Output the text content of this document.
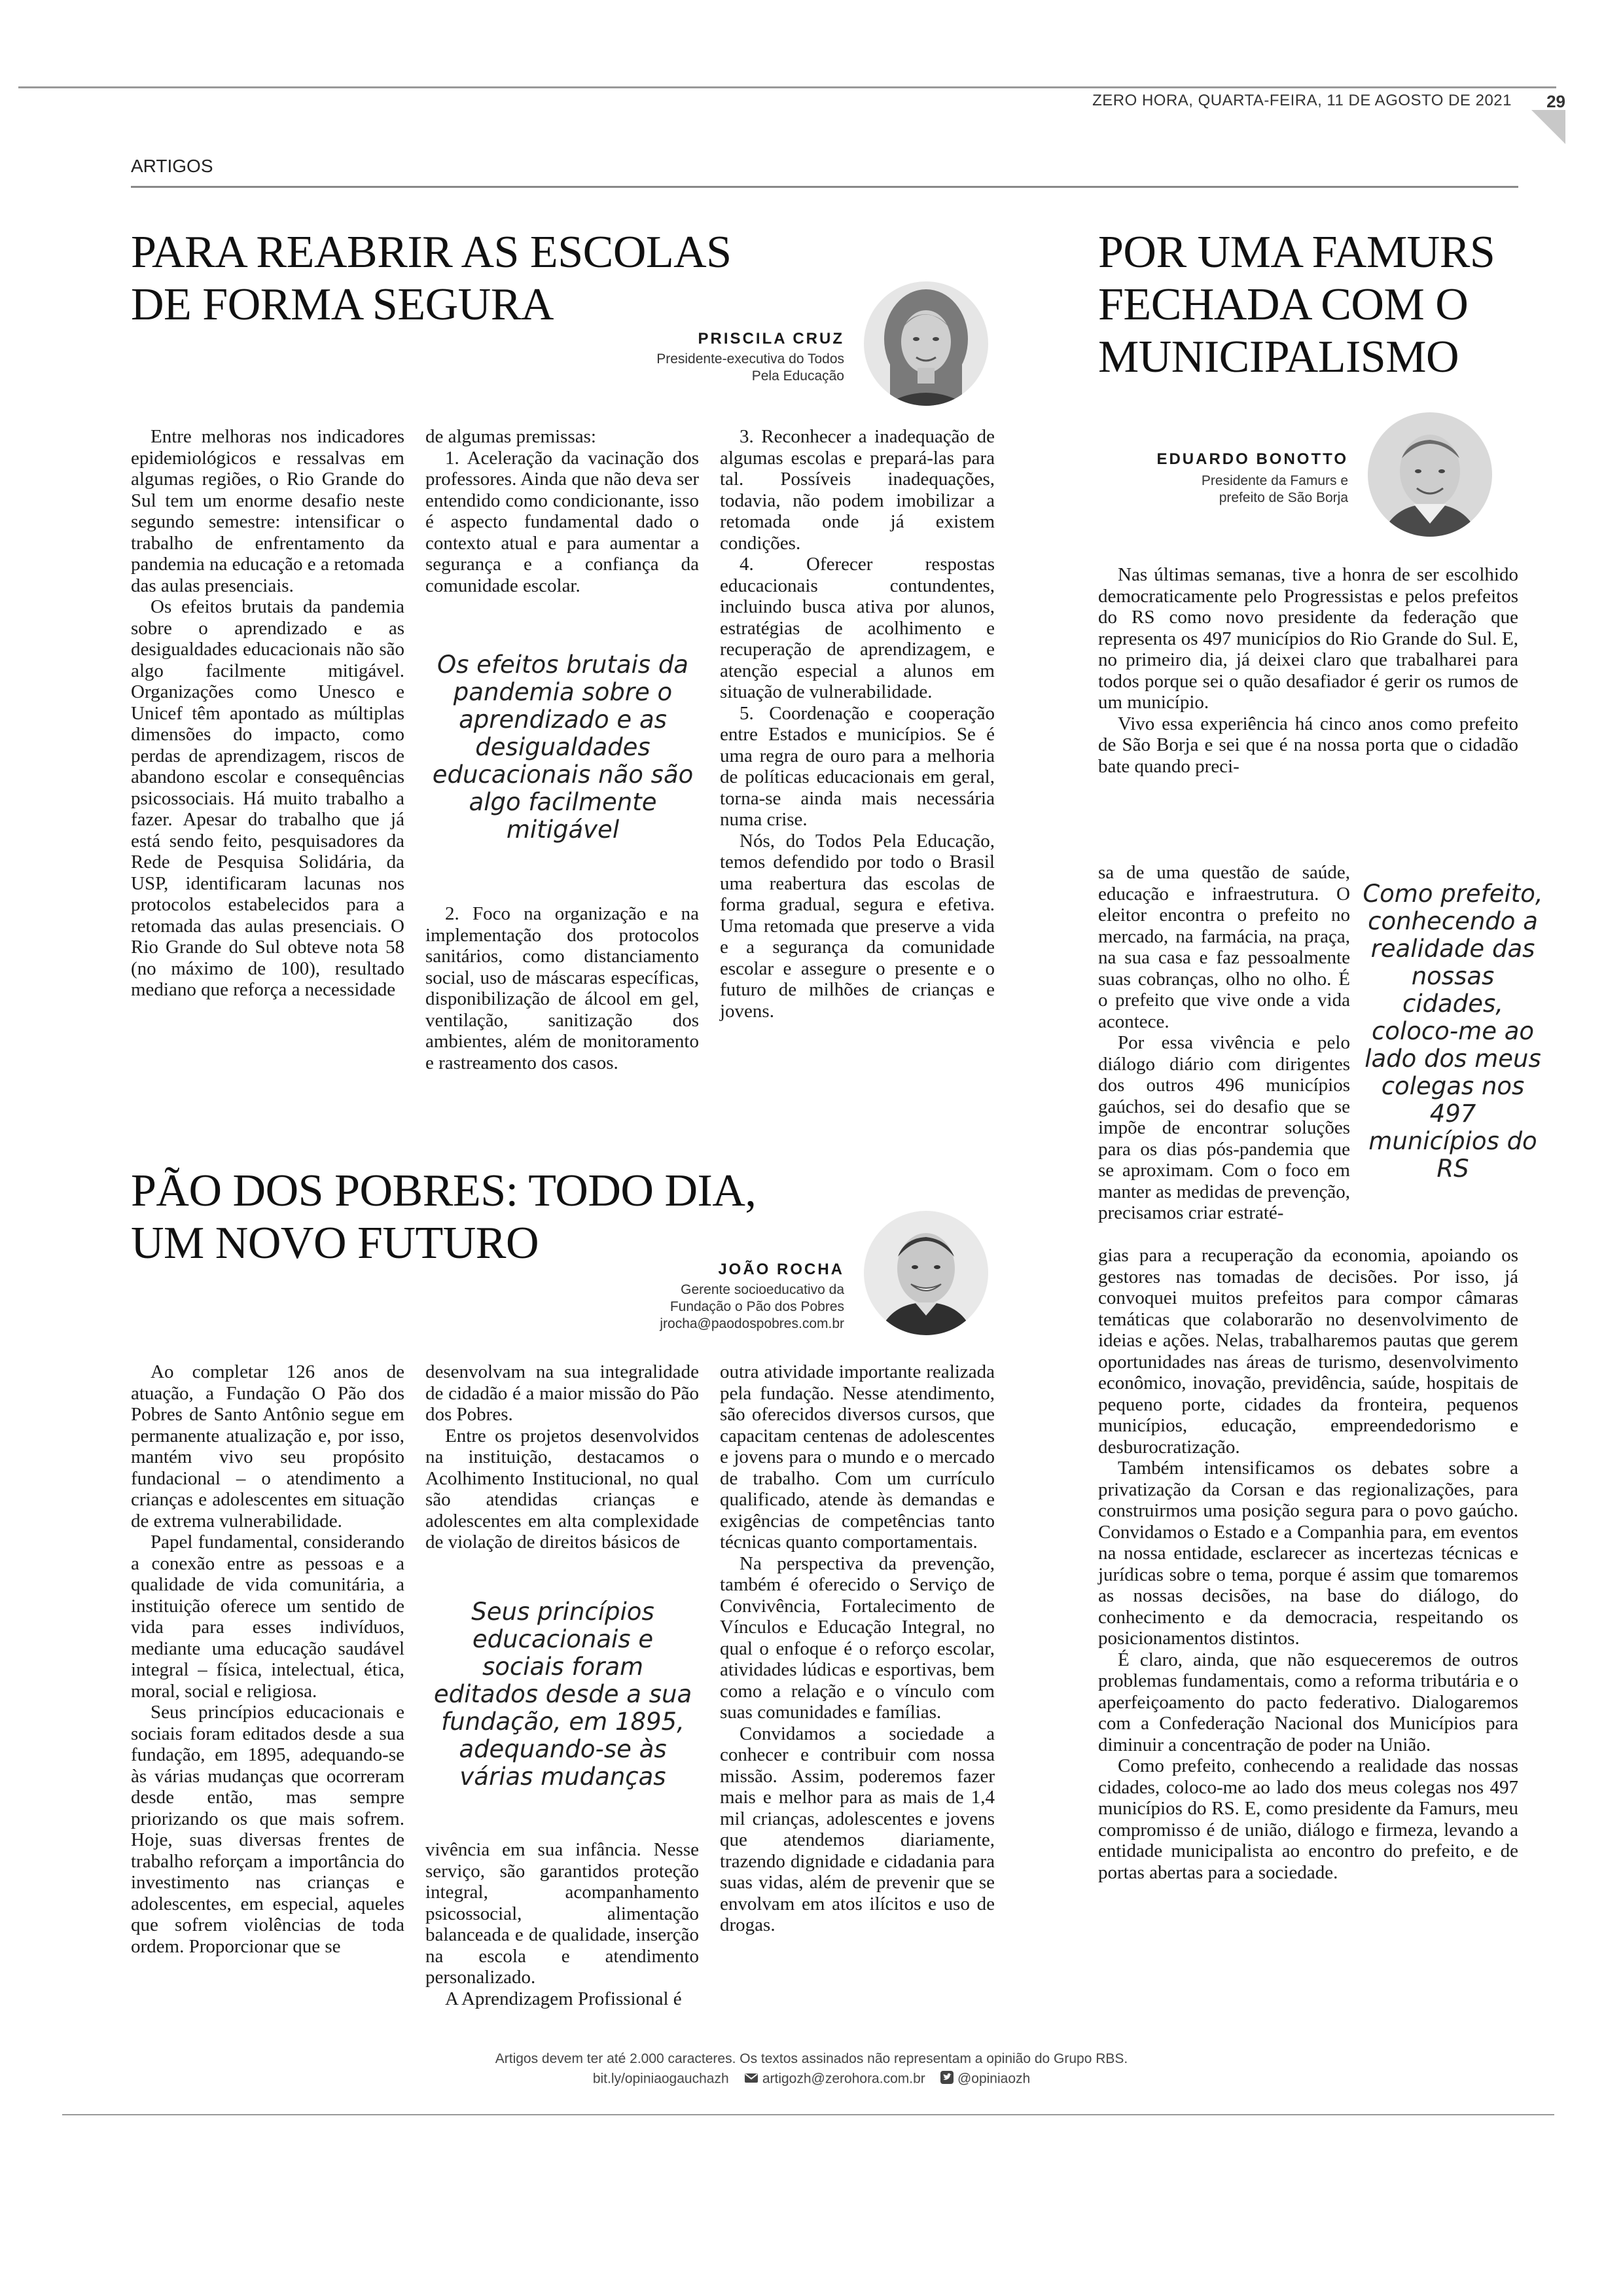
ZERO HORA, QUARTA-FEIRA, 11 DE AGOSTO DE 2021 29
ARTIGOS
PARA REABRIR AS ESCOLAS
DE FORMA SEGURA
PRISCILA CRUZ
Presidente-executiva do Todos
Pela Educação

Entre melhoras nos indicadores epidemiológicos e ressalvas em algumas regiões, o Rio Grande do Sul tem um enorme desafio neste segundo semestre: intensificar o trabalho de enfrentamento da pandemia na educação e a retomada das aulas presenciais.

Os efeitos brutais da pandemia sobre o aprendizado e as desigualdades educacionais não são algo facilmente mitigável. Organizações como Unesco e Unicef têm apontado as múltiplas dimensões do impacto, como perdas de aprendizagem, riscos de abandono escolar e consequências psicossociais. Há muito trabalho a fazer. Apesar do trabalho que já está sendo feito, pesquisadores da Rede de Pesquisa Solidária, da USP, identificaram lacunas nos protocolos estabelecidos para a retomada das aulas presenciais. O Rio Grande do Sul obteve nota 58 (no máximo de 100), resultado mediano que reforça a necessidade

de algumas premissas:

1. Aceleração da vacinação dos professores. Ainda que não deva ser entendido como condicionante, isso é aspecto fundamental dado o contexto atual e para aumentar a segurança e a confiança da comunidade escolar.

Os efeitos brutais da pandemia sobre o aprendizado e as desigualdades educacionais não são algo facilmente mitigável

2. Foco na organização e na implementação dos protocolos sanitários, como distanciamento social, uso de máscaras específicas, disponibilização de álcool em gel, ventilação, sanitização dos ambientes, além de monitoramento e rastreamento dos casos.

3. Reconhecer a inadequação de algumas escolas e prepará-las para tal. Possíveis inadequações, todavia, não podem imobilizar a retomada onde já existem condições.

4. Oferecer respostas educacionais contundentes, incluindo busca ativa por alunos, estratégias de acolhimento e recuperação de aprendizagem, e atenção especial a alunos em situação de vulnerabilidade.

5. Coordenação e cooperação entre Estados e municípios. Se é uma regra de ouro para a melhoria de políticas educacionais em geral, torna-se ainda mais necessária numa crise.

Nós, do Todos Pela Educação, temos defendido por todo o Brasil uma reabertura das escolas de forma gradual, segura e efetiva. Uma retomada que preserve a vida e a segurança da comunidade escolar e assegure o presente e o futuro de milhões de crianças e jovens.

POR UMA FAMURS
FECHADA COM O
MUNICIPALISMO
EDUARDO BONOTTO
Presidente da Famurs e
prefeito de São Borja

Nas últimas semanas, tive a honra de ser escolhido democraticamente pelo Progressistas e pelos prefeitos do RS como novo presidente da federação que representa os 497 municípios do Rio Grande do Sul. E, no primeiro dia, já deixei claro que trabalharei para todos porque sei o quão desafiador é gerir os rumos de um município.

Vivo essa experiência há cinco anos como prefeito de São Borja e sei que é na nossa porta que o cidadão bate quando preci-

sa de uma questão de saúde, educação e infraestrutura. O eleitor encontra o prefeito no mercado, na farmácia, na praça, na sua casa e faz pessoalmente suas cobranças, olho no olho. É o prefeito que vive onde a vida acontece.

Por essa vivência e pelo diálogo diário com dirigentes dos outros 496 municípios gaúchos, sei do desafio que se impõe de encontrar soluções para os dias pós-pandemia que se aproximam. Com o foco em manter as medidas de prevenção, precisamos criar estraté-

Como prefeito, conhecendo a realidade das nossas cidades, coloco-me ao lado dos meus colegas nos 497 municípios do RS

gias para a recuperação da economia, apoiando os gestores nas tomadas de decisões. Por isso, já convoquei muitos prefeitos para compor câmaras temáticas que colaborarão no desenvolvimento de ideias e ações. Nelas, trabalharemos pautas que gerem oportunidades nas áreas de turismo, desenvolvimento econômico, inovação, previdência, saúde, hospitais de pequeno porte, cidades da fronteira, pequenos municípios, educação, empreendedorismo e desburocratização.

Também intensificamos os debates sobre a privatização da Corsan e das regionalizações, para construirmos uma posição segura para o povo gaúcho. Convidamos o Estado e a Companhia para, em eventos na nossa entidade, esclarecer as incertezas técnicas e jurídicas sobre o tema, porque é assim que tomaremos as nossas decisões, na base do diálogo, do conhecimento e da democracia, respeitando os posicionamentos distintos.

É claro, ainda, que não esqueceremos de outros problemas fundamentais, como a reforma tributária e o aperfeiçoamento do pacto federativo. Dialogaremos com a Confederação Nacional dos Municípios para diminuir a concentração de poder na União.

Como prefeito, conhecendo a realidade das nossas cidades, coloco-me ao lado dos meus colegas nos 497 municípios do RS. E, como presidente da Famurs, meu compromisso é de união, diálogo e firmeza, levando a entidade municipalista ao encontro do prefeito, e de portas abertas para a sociedade.

PÃO DOS POBRES: TODO DIA,
UM NOVO FUTURO
JOÃO ROCHA
Gerente socioeducativo da
Fundação o Pão dos Pobres
jrocha@paodospobres.com.br

Ao completar 126 anos de atuação, a Fundação O Pão dos Pobres de Santo Antônio segue em permanente atualização e, por isso, mantém vivo seu propósito fundacional – o atendimento a crianças e adolescentes em situação de extrema vulnerabilidade.

Papel fundamental, considerando a conexão entre as pessoas e a qualidade de vida comunitária, a instituição oferece um sentido de vida para esses indivíduos, mediante uma educação saudável integral – física, intelectual, ética, moral, social e religiosa.

Seus princípios educacionais e sociais foram editados desde a sua fundação, em 1895, adequando-se às várias mudanças que ocorreram desde então, mas sempre priorizando os que mais sofrem. Hoje, suas diversas frentes de trabalho reforçam a importância do investimento nas crianças e adolescentes, em especial, aqueles que sofrem violências de toda ordem. Proporcionar que se

desenvolvam na sua integralidade de cidadão é a maior missão do Pão dos Pobres.

Entre os projetos desenvolvidos na instituição, destacamos o Acolhimento Institucional, no qual são atendidas crianças e adolescentes em alta complexidade de violação de direitos básicos de

Seus princípios educacionais e sociais foram editados desde a sua fundação, em 1895, adequando-se às várias mudanças

vivência em sua infância. Nesse serviço, são garantidos proteção integral, acompanhamento psicossocial, alimentação balanceada e de qualidade, inserção na escola e atendimento personalizado.

A Aprendizagem Profissional é

outra atividade importante realizada pela fundação. Nesse atendimento, são oferecidos diversos cursos, que capacitam centenas de adolescentes e jovens para o mundo e o mercado de trabalho. Com um currículo qualificado, atende às demandas e exigências de competências tanto técnicas quanto comportamentais.

Na perspectiva da prevenção, também é oferecido o Serviço de Convivência, Fortalecimento de Vínculos e Educação Integral, no qual o enfoque é o reforço escolar, atividades lúdicas e esportivas, bem como a relação e o vínculo com suas comunidades e famílias.

Convidamos a sociedade a conhecer e contribuir com nossa missão. Assim, poderemos fazer mais e melhor para as mais de 1,4 mil crianças, adolescentes e jovens que atendemos diariamente, trazendo dignidade e cidadania para suas vidas, além de prevenir que se envolvam em atos ilícitos e uso de drogas.

Artigos devem ter até 2.000 caracteres. Os textos assinados não representam a opinião do Grupo RBS.
bit.ly/opiniaogauchazh artigozh@zerohora.com.br @opiniaozh
